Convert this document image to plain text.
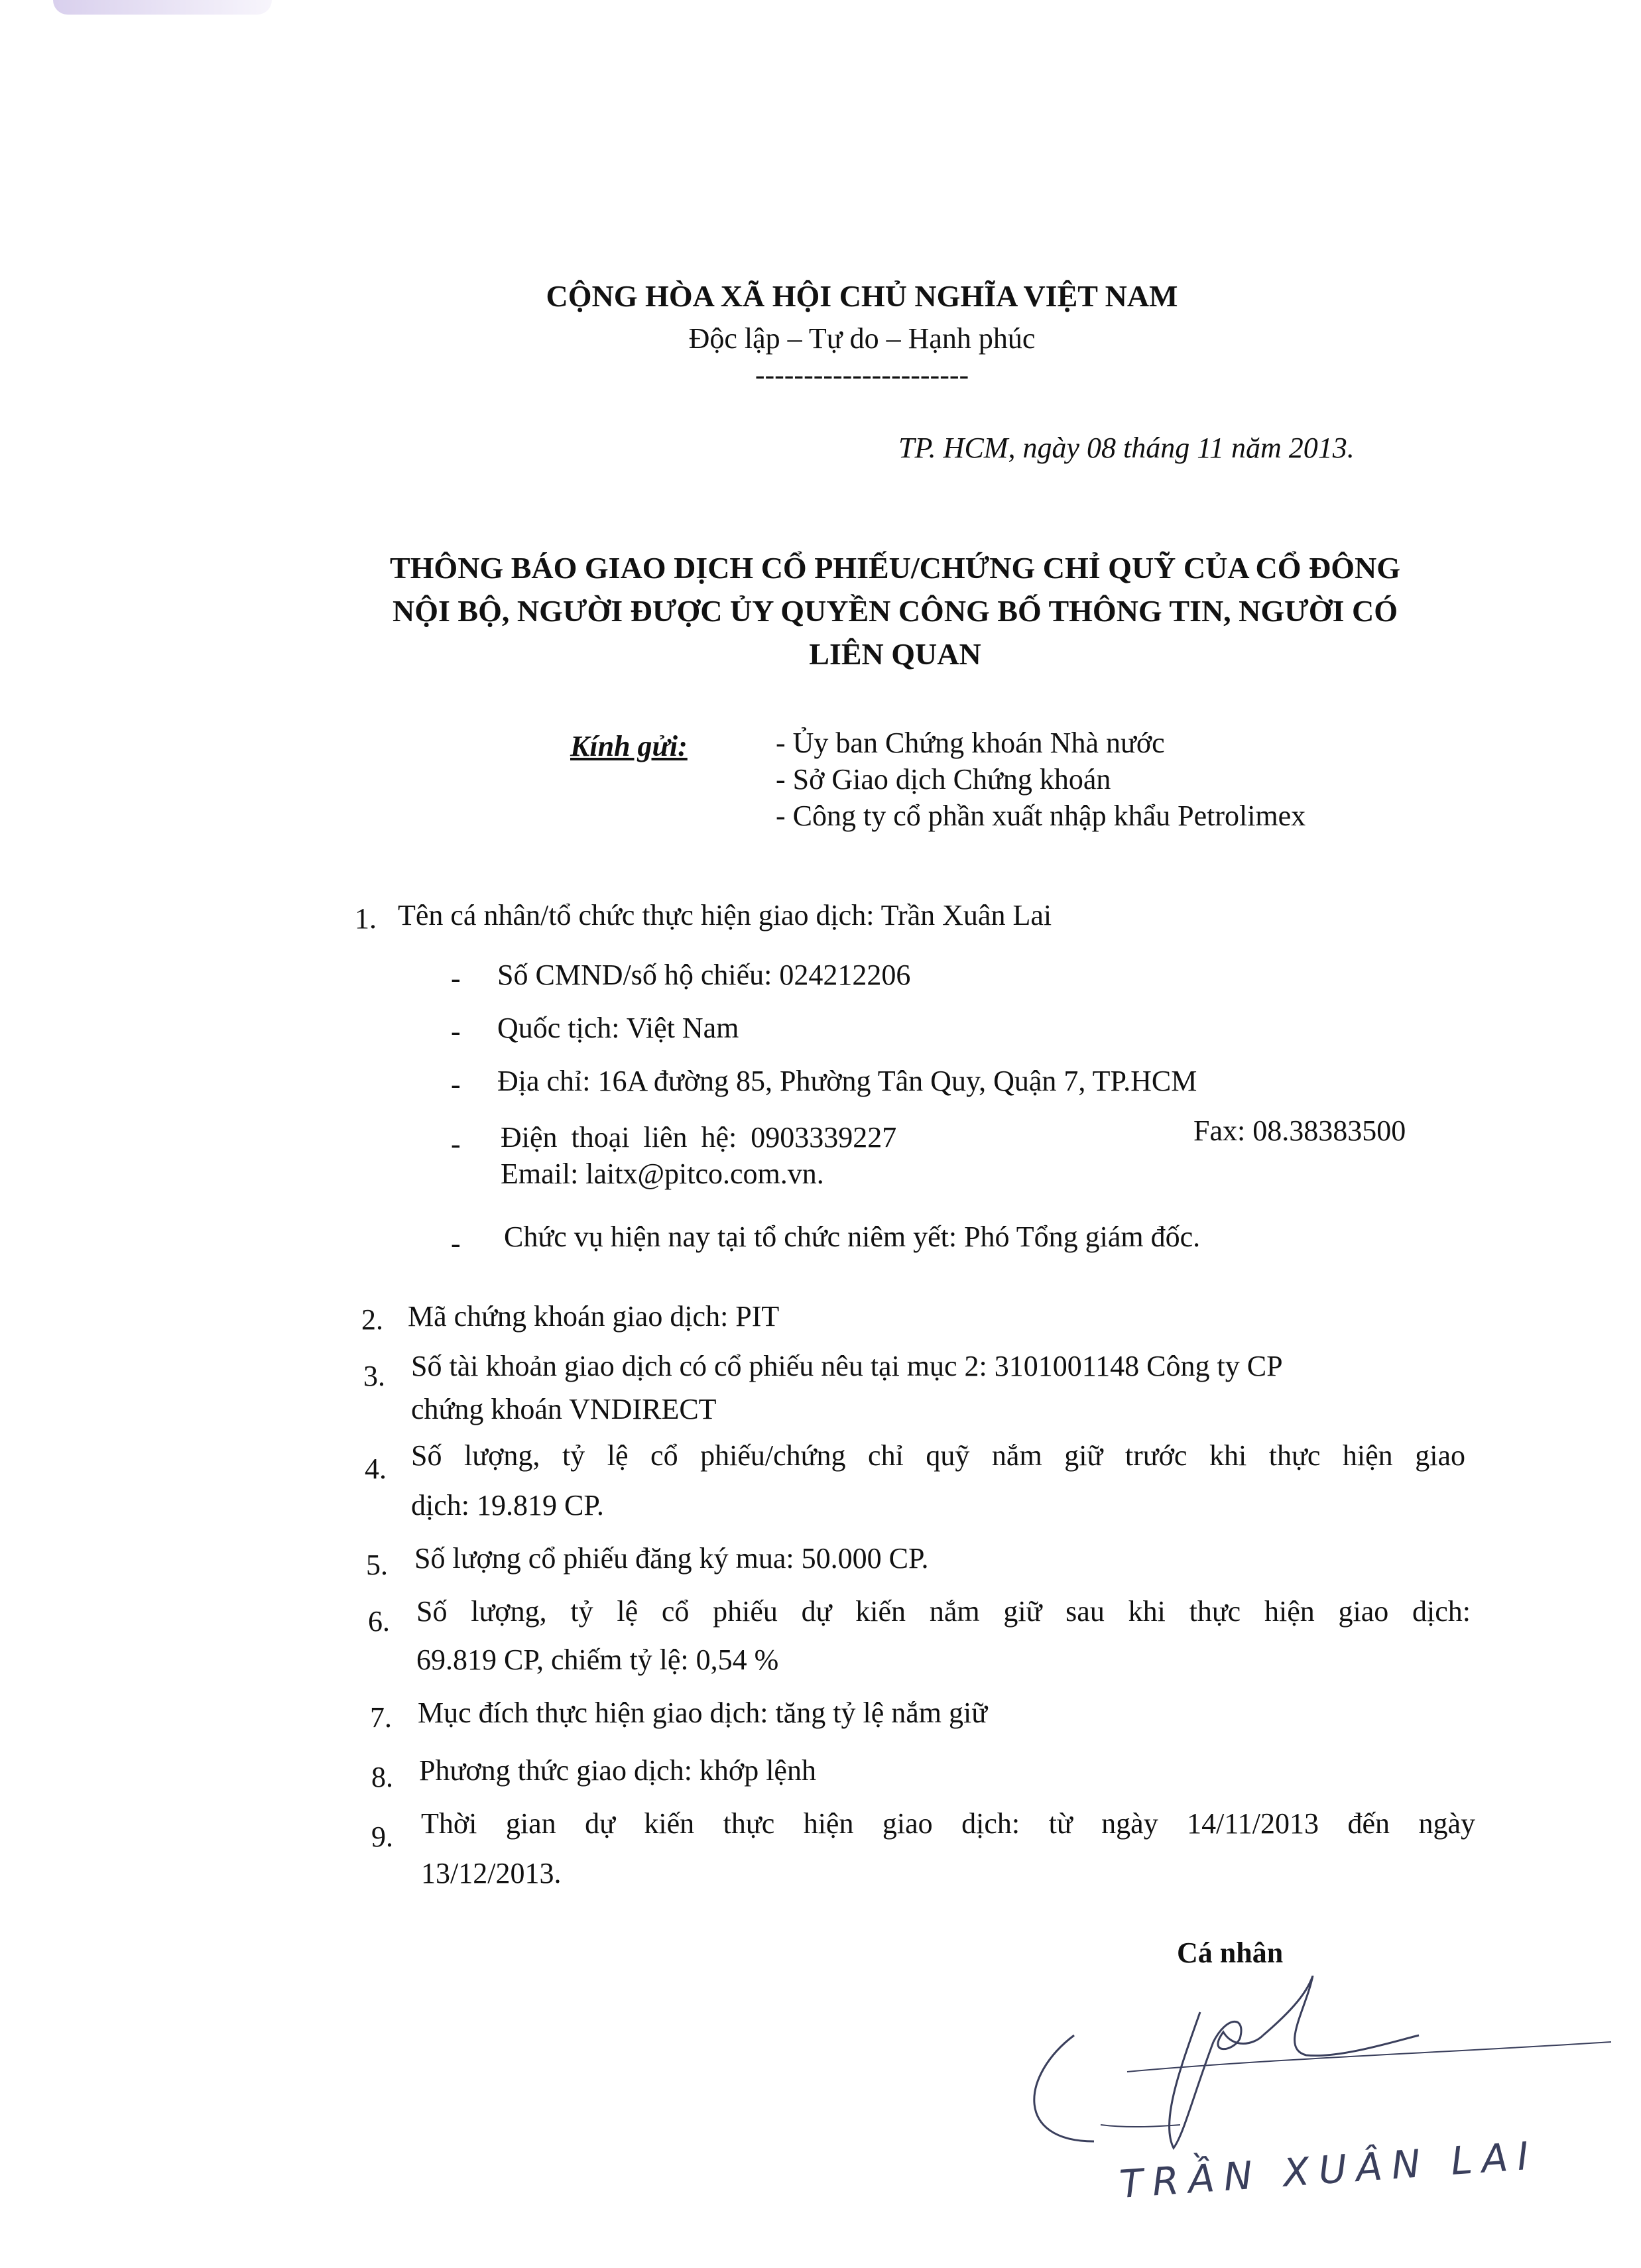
CỘNG HÒA XÃ HỘI CHỦ NGHĨA VIỆT NAM
Độc lập – Tự do – Hạnh phúc
----------------------
TP. HCM, ngày 08 tháng 11 năm 2013.
THÔNG BÁO GIAO DỊCH CỔ PHIẾU/CHỨNG CHỈ QUỸ CỦA CỔ ĐÔNG
NỘI BỘ, NGƯỜI ĐƯỢC ỦY QUYỀN CÔNG BỐ THÔNG TIN, NGƯỜI CÓ
LIÊN QUAN
Kính gửi:	- Ủy ban Chứng khoán Nhà nước
- Sở Giao dịch Chứng khoán
- Công ty cổ phần xuất nhập khẩu Petrolimex
1. Tên cá nhân/tổ chức thực hiện giao dịch: Trần Xuân Lai
- Số CMND/số hộ chiếu: 024212206
- Quốc tịch: Việt Nam
- Địa chỉ: 16A đường 85, Phường Tân Quy, Quận 7, TP.HCM
- Điện thoại liên hệ: 0903339227	Fax: 08.38383500
Email: laitx@pitco.com.vn.
- Chức vụ hiện nay tại tổ chức niêm yết: Phó Tổng giám đốc.
2. Mã chứng khoán giao dịch: PIT
3. Số tài khoản giao dịch có cổ phiếu nêu tại mục 2: 3101001148 Công ty CP
chứng khoán VNDIRECT
4. Số lượng, tỷ lệ cổ phiếu/chứng chỉ quỹ nắm giữ trước khi thực hiện giao
dịch: 19.819 CP.
5. Số lượng cổ phiếu đăng ký mua: 50.000 CP.
6. Số lượng, tỷ lệ cổ phiếu dự kiến nắm giữ sau khi thực hiện giao dịch:
69.819 CP, chiếm tỷ lệ: 0,54 %
7. Mục đích thực hiện giao dịch: tăng tỷ lệ nắm giữ
8. Phương thức giao dịch: khớp lệnh
9. Thời gian dự kiến thực hiện giao dịch: từ ngày 14/11/2013 đến ngày
13/12/2013.
Cá nhân
TRẦN XUÂN LAI
